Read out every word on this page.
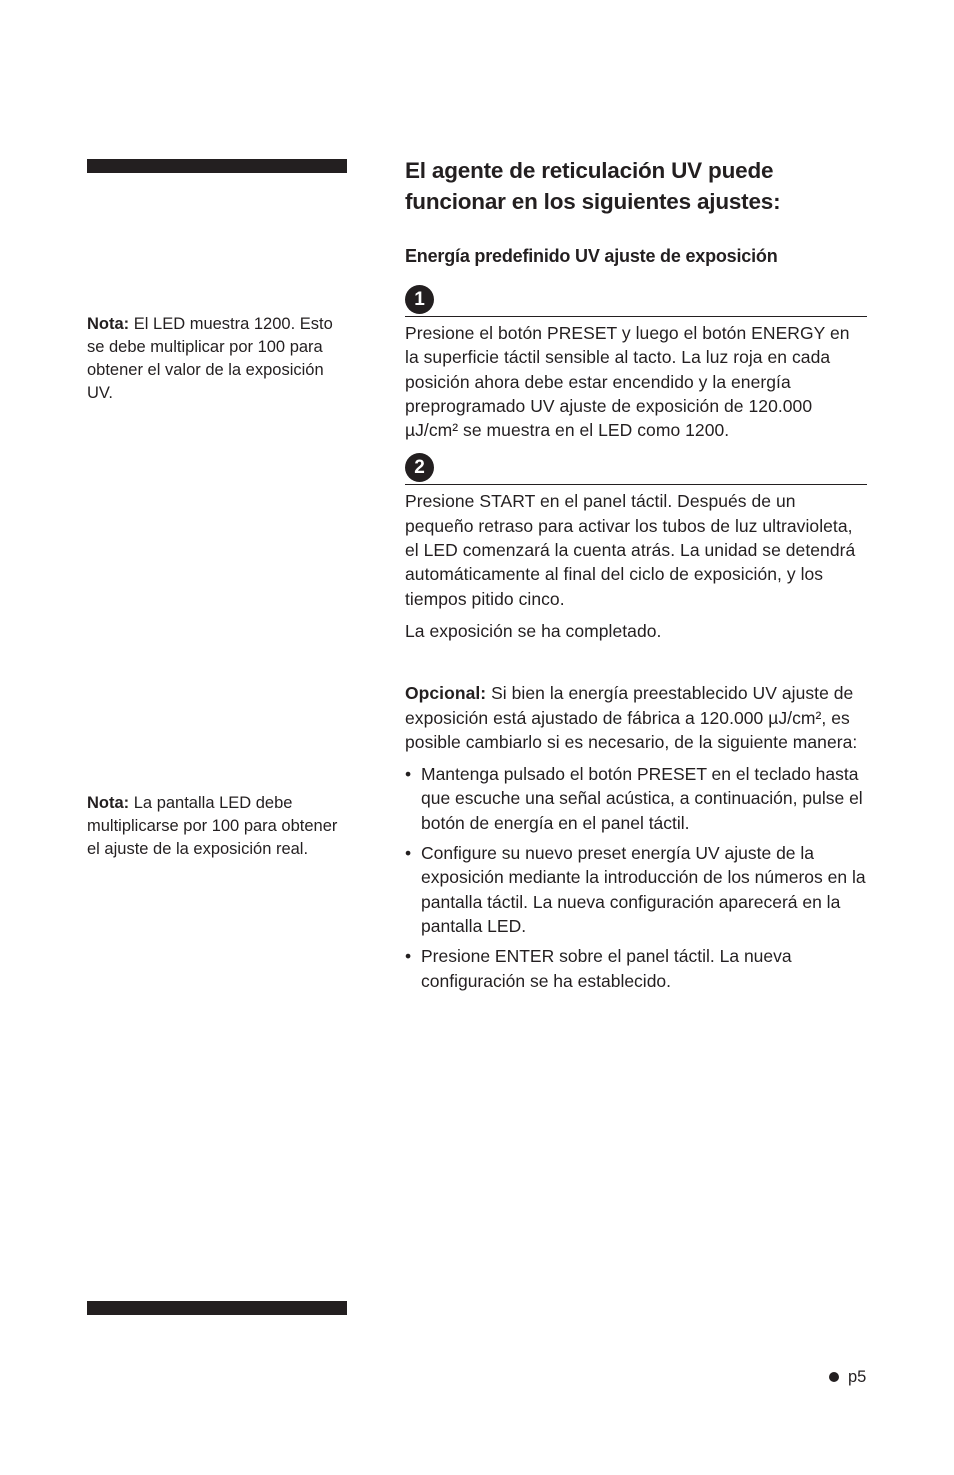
Nota: El LED muestra 1200. Esto se debe multiplicar por 100 para obtener el valor de la exposición UV.

Nota: La pantalla LED debe multiplicarse por 100 para obtener el ajuste de la exposición real.

El agente de reticulación UV puede funcionar en los siguientes ajustes:
Energía predefinido UV ajuste de exposición
1

Presione el botón PRESET y luego el botón ENERGY en la superficie táctil sensible al tacto. La luz roja en cada posición ahora debe estar encendido y la energía preprogramado UV ajuste de exposición de 120.000 µJ/cm² se muestra en el LED como 1200.

2

Presione START en el panel táctil. Después de un pequeño retraso para activar los tubos de luz ultravioleta, el LED comenzará la cuenta atrás. La unidad se detendrá automáticamente al final del ciclo de exposición, y los tiempos pitido cinco.

La exposición se ha completado.

Opcional: Si bien la energía preestablecido UV ajuste de exposición está ajustado de fábrica a 120.000 µJ/cm², es posible cambiarlo si es necesario, de la siguiente manera:

• Mantenga pulsado el botón PRESET en el teclado hasta que escuche una señal acústica, a continuación, pulse el botón de energía en el panel táctil.
• Configure su nuevo preset energía UV ajuste de la exposición mediante la introducción de los números en la pantalla táctil. La nueva configuración aparecerá en la pantalla LED.
• Presione ENTER sobre el panel táctil. La nueva configuración se ha establecido.
p5
